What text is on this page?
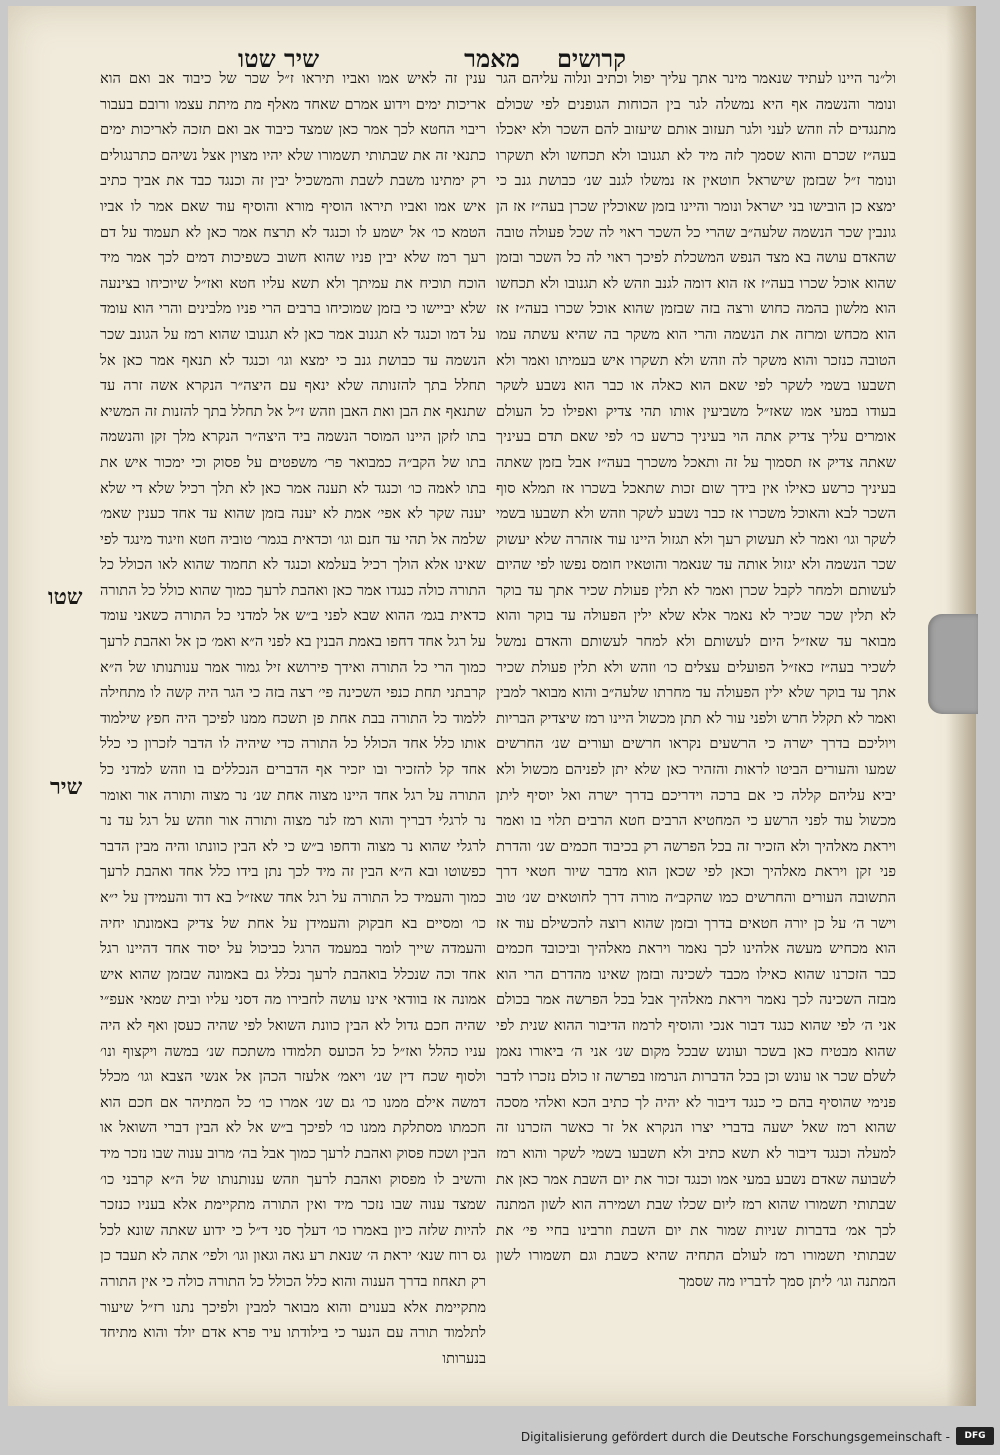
קרושים
מאמר
שיר שטו

ול״נר היינו לעתיד שנאמר מינר אתך עליך יפול וכתיב ונלוה עליהם הגר ונומר והנשמה אף היא נמשלה לגר בין הכוחות הגופנים לפי שכולם מתנגדים לה וזהש לעני ולגר תעזוב אותם שיעזוב להם השכר ולא יאכלו בעה״ז שכרם והוא שסמך לזה מיד לא תגנובו ולא תכחשו ולא תשקרו ונומר ז״ל שבזמן שישראל חוטאין אז נמשלו לגנב שנ׳ כבושת גנב כי ימצא כן הובישו בני ישראל ונומר והיינו בזמן שאוכלין שכרן בעה״ז אז הן גונבין שכר הנשמה שלעה״ב שהרי כל השכר ראוי לה שכל פעולה טובה שהאדם עושה בא מצד הנפש המשכלת לפיכך ראוי לה כל השכר ובזמן שהוא אוכל שכרו בעה״ז אז הוא דומה לגנב וזהש לא תגנובו ולא תכחשו הוא מלשון בהמה כחוש ורצה בזה שבזמן שהוא אוכל שכרו בעה״ז אז הוא מכחש ומרזה את הנשמה והרי הוא משקר בה שהיא עשתה עמו הטובה כנזכר והוא משקר לה וזהש ולא תשקרו איש בעמיתו ואמר ולא תשבעו בשמי לשקר לפי שאם הוא כאלה או כבר הוא נשבע לשקר בעודו במעי אמו שאז״ל משביעין אותו תהי צדיק ואפילו כל העולם אומרים עליך צדיק אתה הוי בעיניך כרשע כו׳ לפי שאם תדם בעיניך שאתה צדיק אז תסמוך על זה ותאכל משכרך בעה״ז אבל בזמן שאתה בעיניך כרשע כאילו אין בידך שום זכות שתאכל בשכרו אז תמלא סוף השכר לבא והאוכל משכרו אז כבר נשבע לשקר וזהש ולא תשבעו בשמי לשקר וגו׳ ואמר לא תעשוק רעך ולא תגזול היינו עוד אזהרה שלא יעשוק שכר הנשמה ולא יגזול אותה עד שנאמר והוטאיו חומס נפשו לפי שהיום לעשותם ולמחר לקבל שכרן ואמר לא תלין פעולת שכיר אתך עד בוקר לא תלין שכר שכיר לא נאמר אלא שלא ילין הפעולה עד בוקר והוא מבואר עד שאז״ל היום לעשותם ולא למחר לעשותם והאדם נמשל לשכיר בעה״ז כאז״ל הפועלים עצלים כו׳ וזהש ולא תלין פעולת שכיר אתך עד בוקר שלא ילין הפעולה עד מחרתו שלעה״ב והוא מבואר למבין ואמר לא תקלל חרש ולפני עור לא תתן מכשול היינו רמז שיצדיק הבריות ויוליכם בדרך ישרה כי הרשעים נקראו חרשים ועורים שנ׳ החרשים שמעו והעורים הביטו לראות והזהיר כאן שלא יתן לפניהם מכשול ולא יביא עליהם קללה כי אם ברכה וידריכם בדרך ישרה ואל יוסיף ליתן מכשול עוד לפני הרשע כי המחטיא הרבים חטא הרבים תלוי בו ואמר ויראת מאלהיך ולא הזכיר זה בכל הפרשה רק בכיבוד חכמים שנ׳ והדרת פני זקן ויראת מאלהיך וכאן לפי שכאן הוא מדבר שיור חטאי דרך התשובה העורים והחרשים כמו שהקב״ה מורה דרך לחוטאים שנ׳ טוב וישר ה׳ על כן יורה חטאים בדרך ובזמן שהוא רוצה להכשילם עוד אז הוא מכחיש מעשה אלהינו לכך נאמר ויראת מאלהיך וביכובד חכמים כבר הזכרנו שהוא כאילו מכבד לשכינה ובזמן שאינו מהדרם הרי הוא מבזה השכינה לכך נאמר ויראת מאלהיך אבל בכל הפרשה אמר בכולם אני ה׳ לפי שהוא כנגד דבור אנכי והוסיף לרמוז הדיבור ההוא שנית לפי שהוא מבטיח כאן בשכר ועונש שבכל מקום שנ׳ אני ה׳ ביאורו נאמן לשלם שכר או עונש וכן בכל הדברות הנרמזו בפרשה זו כולם נזכרו לדבר פנימי שהוסיף בהם כי כנגד דיבור לא יהיה לך כתיב הכא ואלהי מסכה שהוא רמז שאל ישעה בדברי יצרו הנקרא אל זר כאשר הזכרנו זה למעלה וכנגד דיבור לא תשא כתיב ולא תשבעו בשמי לשקר והוא רמז לשבועה שאדם נשבע במעי אמו וכנגד זכור את יום השבת אמר כאן את שבתותי תשמורו שהוא רמז ליום שכלו שבת ושמירה הוא לשון המתנה לכך אמ׳ בדברות שניות שמור את יום השבת וזרבינו בחיי פי׳ את שבתותי תשמורו רמז לעולם התחיה שהיא כשבת וגם תשמורו לשון המתנה וגו׳ ליתן סמך לדבריו מה שסמך

ענין זה לאיש אמו ואביו תיראו ז״ל שכר של כיבוד אב ואם הוא אריכות ימים וידוע אמרם שאחד מאלף מת מיתת עצמו ורובם בעבור ריבוי החטא לכך אמר כאן שמצד כיבוד אב ואם תזכה לאריכות ימים כתנאי זה את שבתותי תשמורו שלא יהיו מצוין אצל נשיהם כתרנגולים רק ימתינו משבת לשבת והמשכיל יבין זה וכנגד כבד את אביך כתיב איש אמו ואביו תיראו הוסיף מורא והוסיף עוד שאם אמר לו אביו הטמא כו׳ אל ישמע לו וכנגד לא תרצח אמר כאן לא תעמוד על דם רעך רמז שלא יבין פניו שהוא חשוב כשפיכות דמים לכך אמר מיד הוכח תוכיח את עמיתך ולא תשא עליו חטא ואז״ל שיוכיחו בצינעה שלא יביישו כי בזמן שמוכיחו ברבים הרי פניו מלבינים והרי הוא עומד על דמו וכנגד לא תגנוב אמר כאן לא תגנובו שהוא רמז על הגונב שכר הנשמה עד כבושת גנב כי ימצא וגו׳ וכנגד לא תנאף אמר כאן אל תחלל בתך להזנותה שלא ינאף עם היצה״ר הנקרא אשה זרה עד שתנאף את הבן ואת האבן וזהש ז״ל אל תחלל בתך להזנות זה המשיא בתו לזקן היינו המוסר הנשמה ביד היצה״ר הנקרא מלך זקן והנשמה בתו של הקב״ה כמבואר פר׳ משפטים על פסוק וכי ימכור איש את בתו לאמה כו׳ וכנגד לא תענה אמר כאן לא תלך רכיל שלא די שלא יענה שקר לא אפי׳ אמת לא יענה בזמן שהוא עד אחד כענין שאמ׳ שלמה אל תהי עד חנם וגו׳ וכדאית בגמר׳ טוביה חטא וזיגוד מינגד לפי שאינו אלא הולך רכיל בעלמא וכנגד לא תחמוד שהוא לאו הכולל כל התורה כולה כנגדו אמר כאן ואהבת לרעך כמוך שהוא כולל כל התורה כדאית בגמ׳ ההוא שבא לפני ב״ש אל למדני כל התורה כשאני עומד על רגל אחד דחפו באמת הבנין בא לפני ה״א ואמ׳ כן אל ואהבת לרעך כמוך הרי כל התורה ואידך פירושא זיל גמור אמר ענותנותו של ה״א קרבתני תחת כנפי השכינה פי׳ רצה בזה כי הגר היה קשה לו מתחילה ללמוד כל התורה בבת אחת פן תשכח ממנו לפיכך היה חפץ שילמוד אותו כלל אחד הכולל כל התורה כדי שיהיה לו הדבר לזכרון כי כלל אחד קל להזכיר ובו יזכיר אף הדברים הנכללים בו וזהש למדני כל התורה על רגל אחד היינו מצוה אחת שנ׳ נר מצוה ותורה אור ואומר נר לרגלי דבריך והוא רמז לנר מצוה ותורה אור וזהש על רגל עד נר לרגלי שהוא נר מצוה ודחפו ב״ש כי לא הבין כוונתו והיה מבין הדבר כפשוטו ובא ה״א הבין זה מיד לכך נתן בידו כלל אחד ואהבת לרעך כמוך והעמיד כל התורה על רגל אחד שאז״ל בא דוד והעמידן על י״א כו׳ ומסיים בא חבקוק והעמידן על אחת של צדיק באמונתו יחיה והעמדה שייך לומר במעמד הרגל כביכול על יסוד אחד דהיינו רגל אחד וכה שנכלל בואהבת לרעך נכלל גם באמונה שבזמן שהוא איש אמונה אז בוודאי אינו עושה לחבירו מה דסני עליו ובית שמאי אעפ״י שהיה חכם גדול לא הבין כוונת השואל לפי שהיה כעסן ואף לא היה עניו כהלל ואז״ל כל הכועס תלמודו משתכח שנ׳ במשה ויקצוף ונו׳ ולסוף שכח דין שנ׳ ויאמ׳ אלעזר הכהן אל אנשי הצבא וגו׳ מכלל דמשה אילם ממנו כו׳ גם שנ׳ אמרו כו׳ כל המתיהר אם חכם הוא חכמתו מסתלקת ממנו כו׳ לפיכך ב״ש אל לא הבין דברי השואל או הבין ושכח פסוק ואהבת לרעך כמוך אבל בה׳ מרוב ענוה שבו נזכר מיד והשיב לו מפסוק ואהבת לרעך וזהש ענותנותו של ה״א קרבני כו׳ שמצד ענוה שבו נזכר מיד ואין התורה מתקיימת אלא בעניו כנזכר להיות שלזה כיון באמרו כו׳ דעלך סני ד״ל כי ידוע שאתה שונא לכל גס רוח שנא׳ יראת ה׳ שנאת רע גאה וגאון וגו׳ ולפי׳ אתה לא תעבד כן רק תאחוז בדרך הענוה והוא כלל הכולל כל התורה כולה כי אין התורה מתקיימת אלא בענוים והוא מבואר למבין ולפיכך נתנו רז״ל שיעור לתלמוד תורה עם הנער כי בילודתו עיר פרא אדם יולד והוא מתיחד בנערותו

שיר
שטו
Digitalisierung gefördert durch die Deutsche Forschungsgemeinschaft -	DFG
